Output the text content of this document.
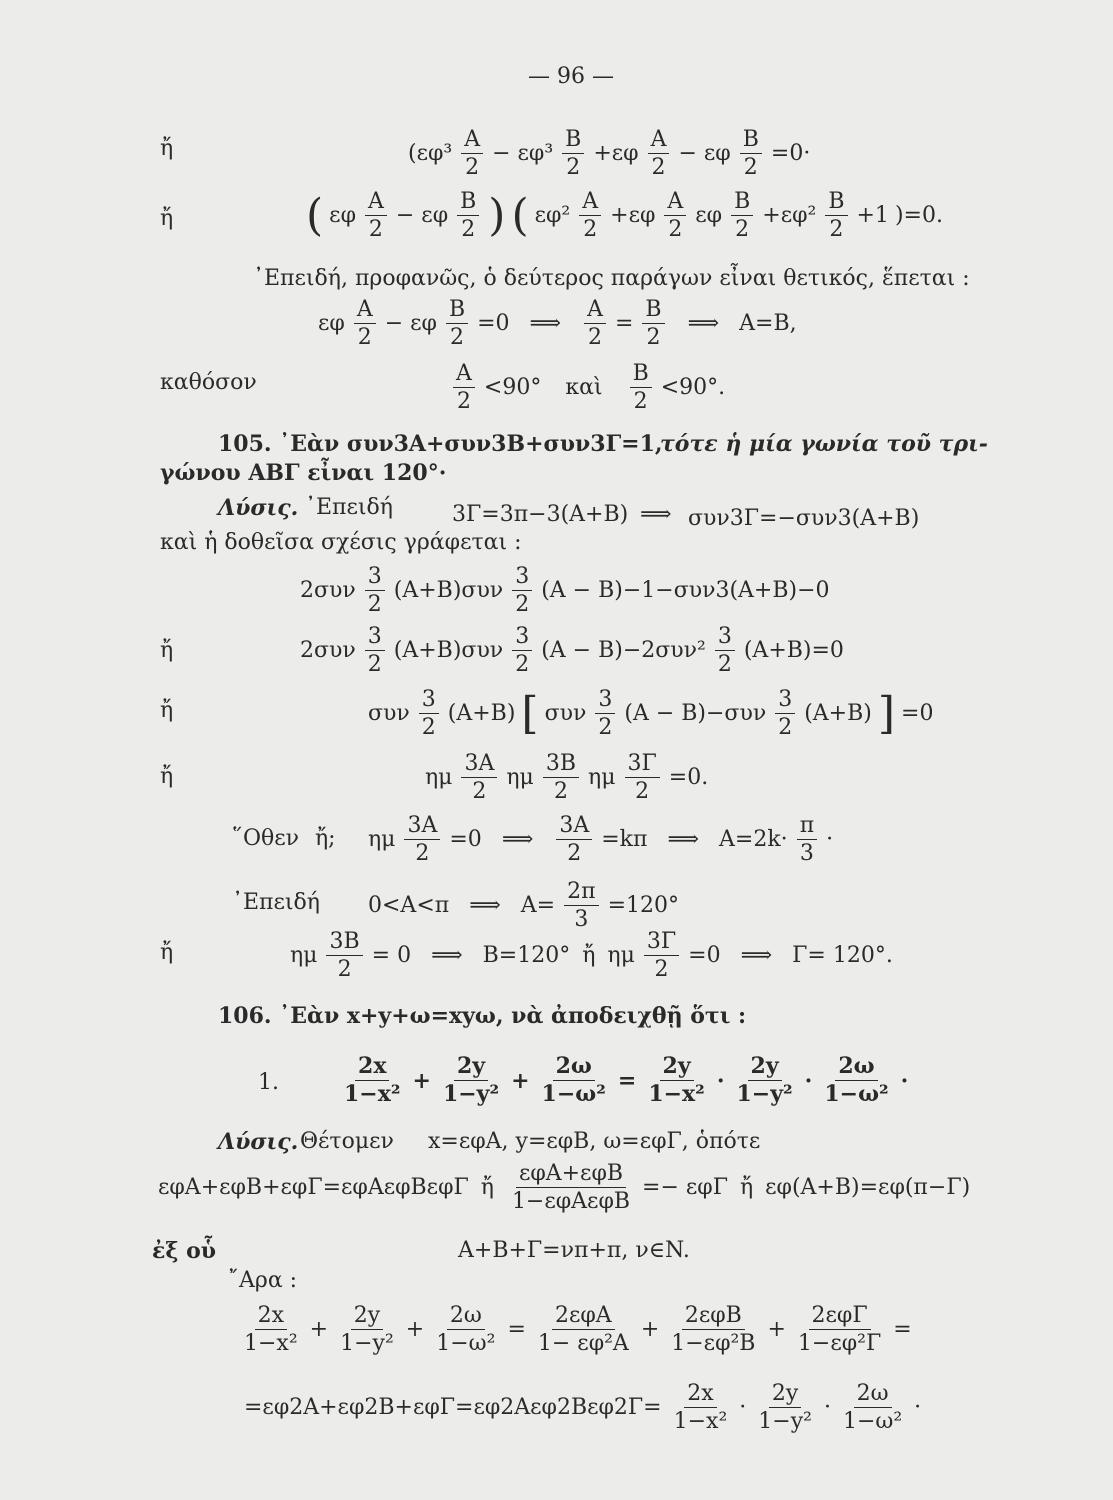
— 96 —
ἤ	($\varepsilon\varphi^3 \frac{A}{2} - \varepsilon\varphi^3 \frac{B}{2} +\varepsilon\varphi \frac{A}{2} - \varepsilon\varphi \frac{B}{2} =0\cdot$
ἤ	( εφ $\frac{A}{2} - \varepsilon\varphi \frac{B}{2}$ ) ( $\varepsilon\varphi^2 \frac{A}{2} +\varepsilon\varphi \frac{A}{2}$ εφ $\frac{B}{2} +\varepsilon\varphi^2 \frac{B}{2} +1$ )=0.
᾿Επειδή, προφανῶς, ὁ δεύτερος παράγων εἶναι θετικός, ἕπεται :
εφ $\frac{A}{2} - \varepsilon\varphi \frac{B}{2} =0$ ⟹ $\frac{A}{2} = \frac{B}{2}$ ⟹ A=B,
καθόσον	$\frac{A}{2} <90^\circ$ καὶ $\frac{B}{2} <90^\circ$.
105. ᾿Εὰν συν3A+συν3B+συν3Γ=1,
τότε ἡ μία γωνία τοῦ τρι-
γώνου ΑΒΓ εἶναι 120°·
Λύσις. ᾿Επειδή	3Γ=3π−3(A+B) ⟹ συν3Γ=−συν3(A+B)
καὶ ἡ δοθεῖσα σχέσις γράφεται :
$2\sigma\upsilon\nu \frac{3}{2} (A+B)\sigma\upsilon\nu \frac{3}{2} (A - B)-1-\sigma\upsilon\nu 3(A+B)-0$
ἤ	$2\sigma\upsilon\nu \frac{3}{2} (A+B)\sigma\upsilon\nu \frac{3}{2} (A - B)-2\sigma\upsilon\nu^2 \frac{3}{2} (A+B)=0$
ἤ	συν $\frac{3}{2} (A+B)$ [ συν $\frac{3}{2} (A - B)-\sigma\upsilon\nu \frac{3}{2} (A+B)$ ] =0
ἤ	ημ $\frac{3A}{2}$ ημ $\frac{3B}{2}$ ημ $\frac{3\Gamma}{2} =0$.
῞Οθεν ἤ; ημ $\frac{3A}{2} =0$ ⟹ $\frac{3A}{2} =k\pi$ ⟹ $A=2k\cdot \frac{\pi}{3}$ ·
᾿Επειδή 0<A<π ⟹ $A= \frac{2\pi}{3} =120^\circ$
ἤ	ημ $\frac{3B}{2} = 0$ ⟹ B=120° ἤ ημ $\frac{3\Gamma}{2} =0$ ⟹ Γ= 120°.
106. ᾿Εὰν x+y+ω=xyω, νὰ ἀποδειχθῇ ὅτι :
1.	$\frac{2x}{\text{1−x²}} + \frac{2y}{\text{1−y²}} + \frac{2\omega}{\text{1−ω²}} = \frac{2y}{\text{1−x²}} \cdot \frac{2y}{\text{1−y²}} \cdot \frac{2\omega}{\text{1−ω²}}$ ·
Λύσις. Θέτομεν x=εφA, y=εφB, ω=εφΓ, ὁπότε
εφA+εφB+εφΓ=εφAεφBεφΓ ἤ $\frac{\text{εφA+εφB}}{\text{1−εφAεφB}} =- \varepsilon\varphi\Gamma$ ἤ εφ(A+B)=εφ(π−Γ)
ἐξ οὗ	A+B+Γ=νπ+π, ν∈N.
῎Αρα :
$\frac{2x}{\text{1−x²}} + \frac{2y}{\text{1−y²}} + \frac{2\omega}{\text{1−ω²}} = \frac{\text{2εφA}}{\text{1− εφ²A}} + \frac{\text{2εφB}}{\text{1−εφ²B}} + \frac{\text{2εφΓ}}{\text{1−εφ²Γ}}$ =
$=\varepsilon\varphi 2A+\varepsilon\varphi 2B+\varepsilon\varphi\Gamma=\varepsilon\varphi 2A\varepsilon\varphi 2B\varepsilon\varphi 2\Gamma= \frac{2x}{\text{1−x²}} \cdot \frac{2y}{\text{1−y²}} \cdot \frac{2\omega}{\text{1−ω²}}$ ·
